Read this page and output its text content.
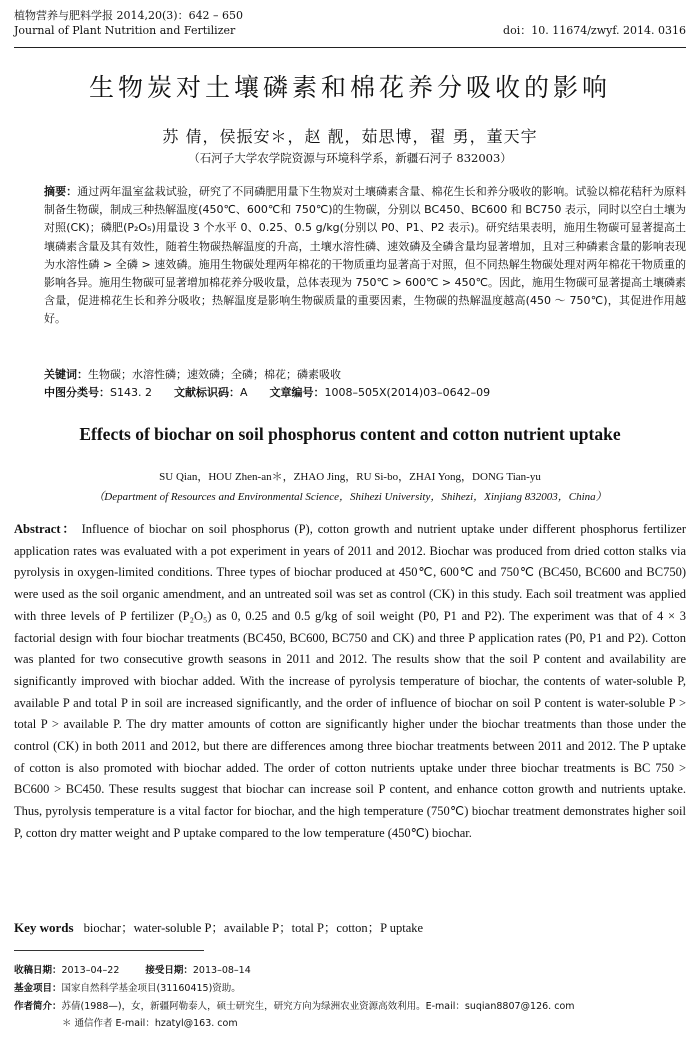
植物营养与肥料学报 2014,20(3)：642 – 650
Journal of Plant Nutrition and Fertilizer	doi：10. 11674/zwyf. 2014. 0316
生物炭对土壤磷素和棉花养分吸收的影响
苏 倩，侯振安＊，赵 靓，茹思博，翟 勇，董天宇
（石河子大学农学院资源与环境科学系，新疆石河子 832003）
摘要：通过两年温室盆栽试验，研究了不同磷肥用量下生物炭对土壤磷素含量、棉花生长和养分吸收的影响。试验以棉花秸秆为原料制备生物碳，制成三种热解温度(450℃、600℃和 750℃)的生物碳，分别以 BC450、BC600 和 BC750 表示，同时以空白土壤为对照(CK)；磷肥(P₂O₅)用量设 3 个水平 0、0.25、0.5 g/kg(分别以 P0、P1、P2 表示)。研究结果表明，施用生物碳可显著提高土壤磷素含量及其有效性，随着生物碳热解温度的升高，土壤水溶性磷、速效磷及全磷含量均显著增加，且对三种磷素含量的影响表现为水溶性磷 > 全磷 > 速效磷。施用生物碳处理两年棉花的干物质重均显著高于对照，但不同热解生物碳处理对两年棉花干物质重的影响各异。施用生物碳可显著增加棉花养分吸收量，总体表现为 750℃ > 600℃ > 450℃。因此，施用生物碳可显著提高土壤磷素含量，促进棉花生长和养分吸收；热解温度是影响生物碳质量的重要因素，生物碳的热解温度越高(450 ～ 750℃)，其促进作用越好。
关键词：生物碳；水溶性磷；速效磷；全磷；棉花；磷素吸收
中图分类号：S143. 2 文献标识码：A 文章编号：1008–505X(2014)03–0642–09
Effects of biochar on soil phosphorus content and cotton nutrient uptake
SU Qian，HOU Zhen-an＊，ZHAO Jing，RU Si-bo，ZHAI Yong，DONG Tian-yu
（Department of Resources and Environmental Science，Shihezi University，Shihezi，Xinjiang 832003，China）
Abstract： Influence of biochar on soil phosphorus (P), cotton growth and nutrient uptake under different phosphorus fertilizer application rates was evaluated with a pot experiment in years of 2011 and 2012. Biochar was produced from dried cotton stalks via pyrolysis in oxygen-limited conditions. Three types of biochar produced at 450℃, 600℃ and 750℃ (BC450, BC600 and BC750) were used as the soil organic amendment, and an untreated soil was set as control (CK) in this study. Each soil treatment was applied with three levels of P fertilizer (P₂O₅) as 0, 0.25 and 0.5 g/kg of soil weight (P0, P1 and P2). The experiment was that of 4 × 3 factorial design with four biochar treatments (BC450, BC600, BC750 and CK) and three P application rates (P0, P1 and P2). Cotton was planted for two consecutive growth seasons in 2011 and 2012. The results show that the soil P content and availability are significantly improved with biochar added. With the increase of pyrolysis temperature of biochar, the contents of water-soluble P, available P and total P in soil are increased significantly, and the order of influence of biochar on soil P content is water-soluble P > total P > available P. The dry matter amounts of cotton are significantly higher under the biochar treatments than those under the control (CK) in both 2011 and 2012, but there are differences among three biochar treatments between 2011 and 2012. The P uptake of cotton is also promoted with biochar added. The order of cotton nutrients uptake under three biochar treatments is BC 750 > BC600 > BC450. These results suggest that biochar can increase soil P content, and enhance cotton growth and nutrients uptake. Thus, pyrolysis temperature is a vital factor for biochar, and the high temperature (750℃) biochar treatment demonstrates higher soil P, cotton dry matter weight and P uptake compared to the low temperature (450℃) biochar.
Key words biochar；water-soluble P；available P；total P；cotton；P uptake
收稿日期：2013–04–22	接受日期：2013–08–14
基金项目：国家自然科学基金项目(31160415)资助。
作者简介：苏倩(1988—)，女，新疆阿勒泰人，硕士研究生，研究方向为绿洲农业资源高效利用。E-mail：suqian8807@126. com
＊ 通信作者 E-mail：hzatyl@163. com
